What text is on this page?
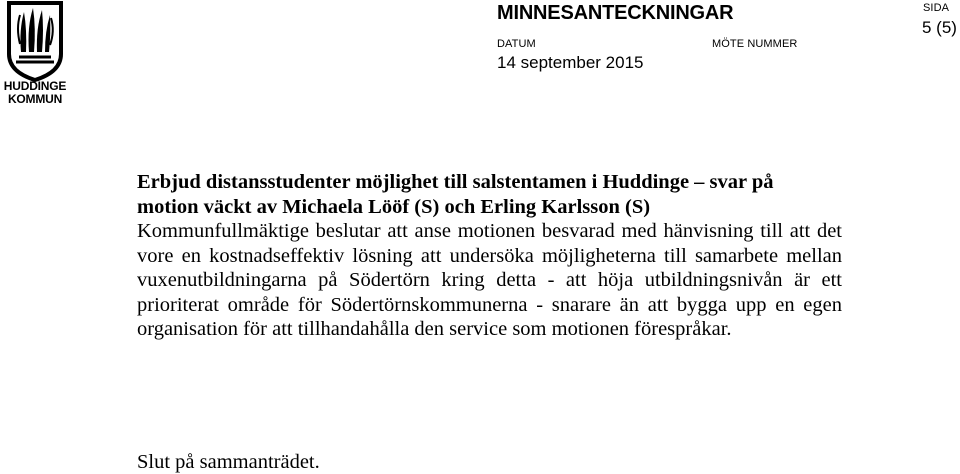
HUDDINGE
KOMMUN
MINNESANTECKNINGAR
DATUM	MÖTE NUMMER
SIDA
14 september 2015
5 (5)

Erbjud distansstudenter möjlighet till salstentamen i Huddinge – svar på
motion väckt av Michaela Lööf (S) och Erling Karlsson (S)

Kommunfullmäktige beslutar att anse motionen besvarad med hänvisning till att det vore en kostnadseffektiv lösning att undersöka möjligheterna till samarbete mellan vuxenutbildningarna på Södertörn kring detta - att höja utbildningsnivån är ett prioriterat område för Södertörnskommunerna - snarare än att bygga upp en egen organisation för att tillhandahålla den service som motionen förespråkar.

Slut på sammanträdet.
